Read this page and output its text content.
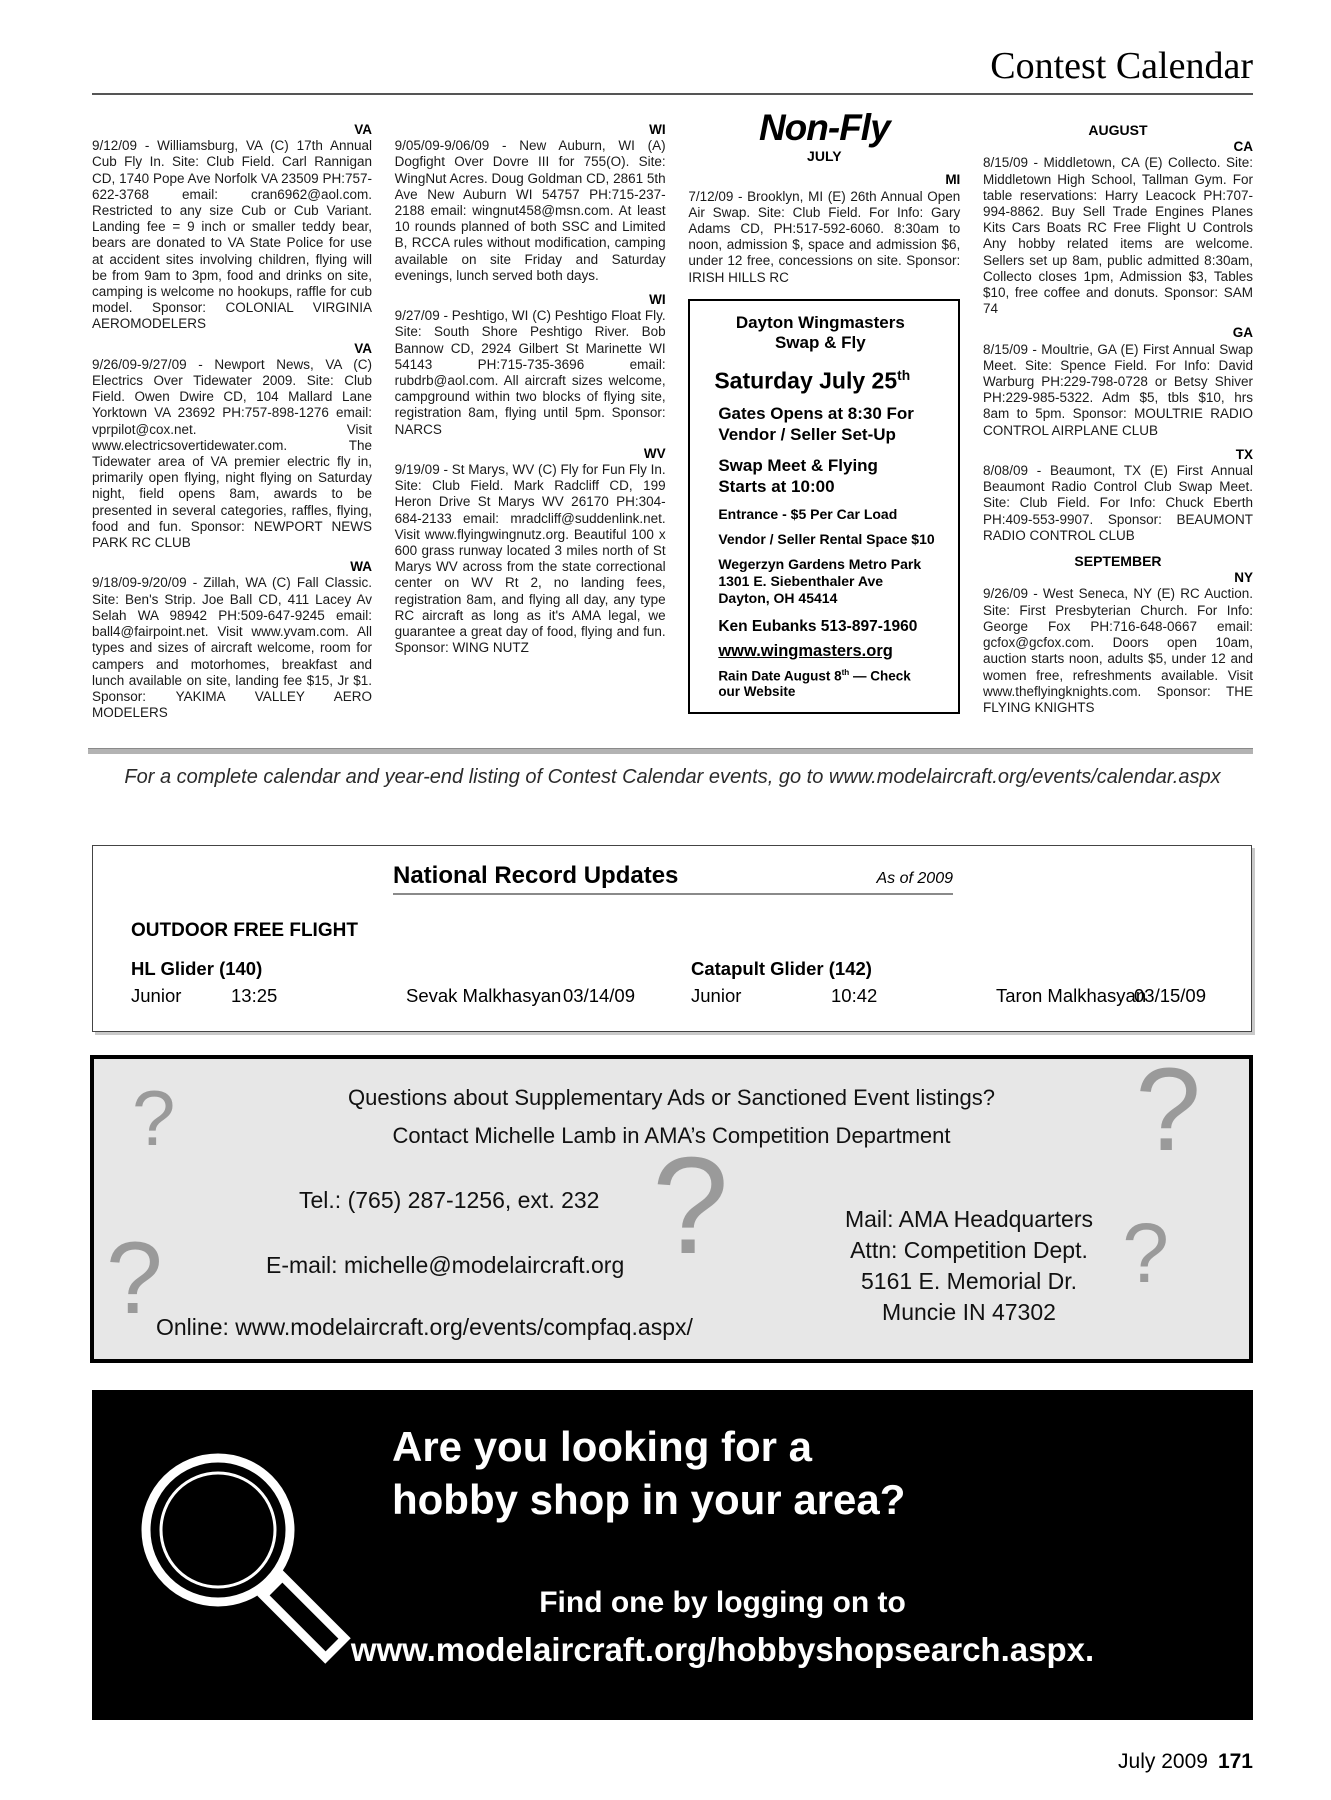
Contest Calendar
VA

9/12/09 - Williamsburg, VA (C) 17th Annual Cub Fly In. Site: Club Field. Carl Rannigan CD, 1740 Pope Ave Norfolk VA 23509 PH:757-622-3768 email: cran6962@aol.com. Restricted to any size Cub or Cub Variant. Landing fee = 9 inch or smaller teddy bear, bears are donated to VA State Police for use at accident sites involving children, flying will be from 9am to 3pm, food and drinks on site, camping is welcome no hookups, raffle for cub model. Sponsor: COLONIAL VIRGINIA AEROMODELERS

VA

9/26/09-9/27/09 - Newport News, VA (C) Electrics Over Tidewater 2009. Site: Club Field. Owen Dwire CD, 104 Mallard Lane Yorktown VA 23692 PH:757-898-1276 email: vprpilot@cox.net. Visit www.electricsovertidewater.com. The Tidewater area of VA premier electric fly in, primarily open flying, night flying on Saturday night, field opens 8am, awards to be presented in several categories, raffles, flying, food and fun. Sponsor: NEWPORT NEWS PARK RC CLUB

WA

9/18/09-9/20/09 - Zillah, WA (C) Fall Classic. Site: Ben's Strip. Joe Ball CD, 411 Lacey Av Selah WA 98942 PH:509-647-9245 email: ball4@fairpoint.net. Visit www.yvam.com. All types and sizes of aircraft welcome, room for campers and motorhomes, breakfast and lunch available on site, landing fee $15, Jr $1. Sponsor: YAKIMA VALLEY AERO MODELERS

WI

9/05/09-9/06/09 - New Auburn, WI (A) Dogfight Over Dovre III for 755(O). Site: WingNut Acres. Doug Goldman CD, 2861 5th Ave New Auburn WI 54757 PH:715-237-2188 email: wingnut458@msn.com. At least 10 rounds planned of both SSC and Limited B, RCCA rules without modification, camping available on site Friday and Saturday evenings, lunch served both days.

WI

9/27/09 - Peshtigo, WI (C) Peshtigo Float Fly. Site: South Shore Peshtigo River. Bob Bannow CD, 2924 Gilbert St Marinette WI 54143 PH:715-735-3696 email: rubdrb@aol.com. All aircraft sizes welcome, campground within two blocks of flying site, registration 8am, flying until 5pm. Sponsor: NARCS

WV

9/19/09 - St Marys, WV (C) Fly for Fun Fly In. Site: Club Field. Mark Radcliff CD, 199 Heron Drive St Marys WV 26170 PH:304-684-2133 email: mradcliff@suddenlink.net. Visit www.flyingwingnutz.org. Beautiful 100 x 600 grass runway located 3 miles north of St Marys WV across from the state correctional center on WV Rt 2, no landing fees, registration 8am, and flying all day, any type RC aircraft as long as it's AMA legal, we guarantee a great day of food, flying and fun. Sponsor: WING NUTZ

Non-Fly
JULY
MI

7/12/09 - Brooklyn, MI (E) 26th Annual Open Air Swap. Site: Club Field. For Info: Gary Adams CD, PH:517-592-6060. 8:30am to noon, admission $, space and admission $6, under 12 free, concessions on site. Sponsor: IRISH HILLS RC

Dayton Wingmasters
Swap & Fly
Saturday July 25th
Gates Opens at 8:30 For
Vendor / Seller Set-Up
Swap Meet & Flying
Starts at 10:00
Entrance - $5 Per Car Load
Vendor / Seller Rental Space $10
Wegerzyn Gardens Metro Park
1301 E. Siebenthaler Ave
Dayton, OH 45414
Ken Eubanks 513-897-1960
www.wingmasters.org
Rain Date August 8th — Check our Website
AUGUST
CA

8/15/09 - Middletown, CA (E) Collecto. Site: Middletown High School, Tallman Gym. For table reservations: Harry Leacock PH:707-994-8862. Buy Sell Trade Engines Planes Kits Cars Boats RC Free Flight U Controls Any hobby related items are welcome. Sellers set up 8am, public admitted 8:30am, Collecto closes 1pm, Admission $3, Tables $10, free coffee and donuts. Sponsor: SAM 74

GA

8/15/09 - Moultrie, GA (E) First Annual Swap Meet. Site: Spence Field. For Info: David Warburg PH:229-798-0728 or Betsy Shiver PH:229-985-5322. Adm $5, tbls $10, hrs 8am to 5pm. Sponsor: MOULTRIE RADIO CONTROL AIRPLANE CLUB

TX

8/08/09 - Beaumont, TX (E) First Annual Beaumont Radio Control Club Swap Meet. Site: Club Field. For Info: Chuck Eberth PH:409-553-9907. Sponsor: BEAUMONT RADIO CONTROL CLUB

SEPTEMBER
NY

9/26/09 - West Seneca, NY (E) RC Auction. Site: First Presbyterian Church. For Info: George Fox PH:716-648-0667 email: gcfox@gcfox.com. Doors open 10am, auction starts noon, adults $5, under 12 and women free, refreshments available. Visit www.theflyingknights.com. Sponsor: THE FLYING KNIGHTS

For a complete calendar and year-end listing of Contest Calendar events, go to www.modelaircraft.org/events/calendar.aspx
National Record Updates	As of 2009
OUTDOOR FREE FLIGHT
HL Glider (140)
Junior	13:25	Sevak Malkhasyan03/14/09
Catapult Glider (142)
Junior	10:42	Taron Malkhasyan03/15/09
?	?
?
?	?
Questions about Supplementary Ads or Sanctioned Event listings?
Contact Michelle Lamb in AMA’s Competition Department
Tel.: (765) 287-1256, ext. 232
E-mail: michelle@modelaircraft.org
Online: www.modelaircraft.org/events/compfaq.aspx/
Mail: AMA Headquarters
Attn: Competition Dept.
5161 E. Memorial Dr.
Muncie IN 47302
Are you looking for a
hobby shop in your area?
Find one by logging on to
www.modelaircraft.org/hobbyshopsearch.aspx.
July 2009 171
